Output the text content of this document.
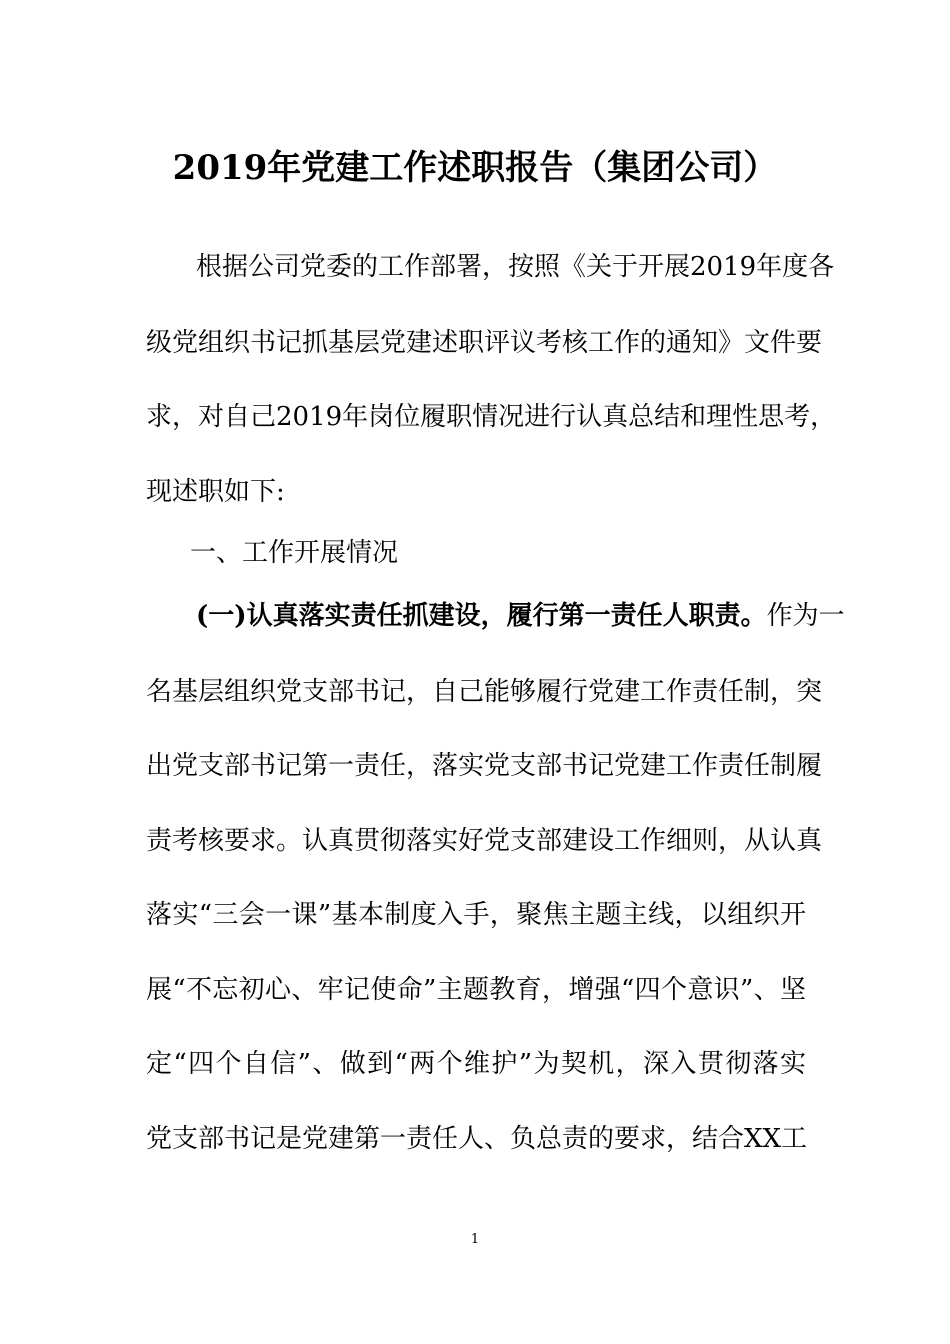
2019年党建工作述职报告（集团公司）
根据公司党委的工作部署，按照《关于开展2019年度各
级党组织书记抓基层党建述职评议考核工作的通知》文件要
求，对自己2019年岗位履职情况进行认真总结和理性思考，
现述职如下:
一、工作开展情况
(一)认真落实责任抓建设，履行第一责任人职责。作为一
名基层组织党支部书记，自己能够履行党建工作责任制，突
出党支部书记第一责任，落实党支部书记党建工作责任制履
责考核要求。认真贯彻落实好党支部建设工作细则，从认真
落实“三会一课”基本制度入手，聚焦主题主线，以组织开
展“不忘初心、牢记使命”主题教育，增强“四个意识”、坚
定“四个自信”、做到“两个维护”为契机，深入贯彻落实
党支部书记是党建第一责任人、负总责的要求，结合XX工
1
